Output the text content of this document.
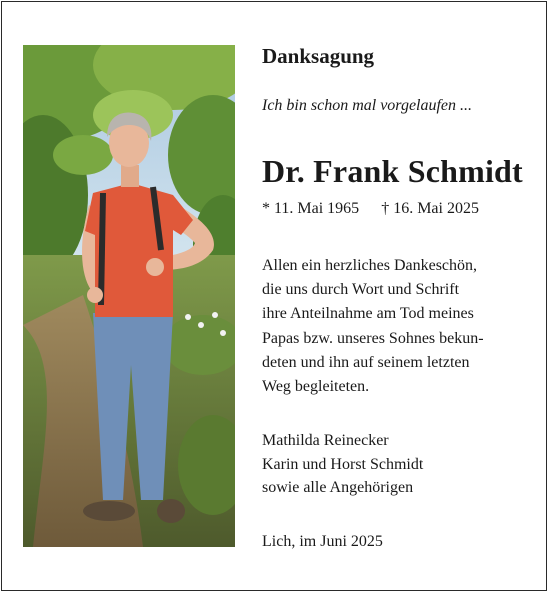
Danksagung
Ich bin schon mal vorgelaufen ...
Dr. Frank Schmidt
* 11. Mai 1965 † 16. Mai 2025
Allen ein herzliches Dankeschön,
die uns durch Wort und Schrift
ihre Anteilnahme am Tod meines
Papas bzw. unseres Sohnes bekun-
deten und ihn auf seinem letzten
Weg begleiteten.
Mathilda Reinecker
Karin und Horst Schmidt
sowie alle Angehörigen
Lich, im Juni 2025
